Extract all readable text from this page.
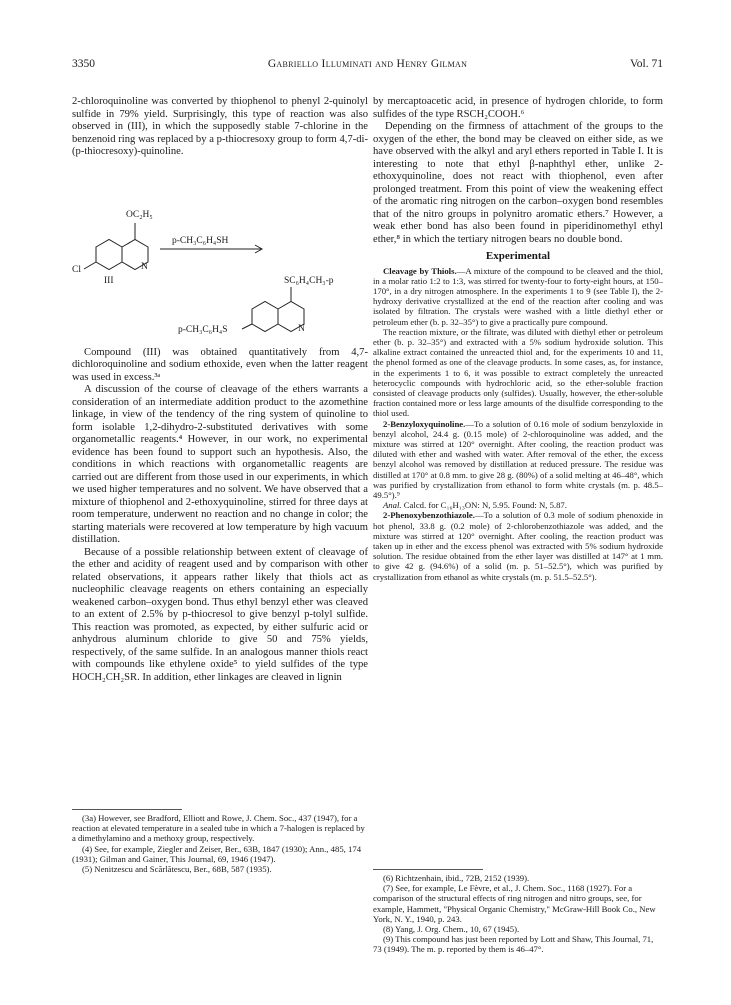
3350	Gabriello Illuminati and Henry Gilman	Vol. 71

2-chloroquinoline was converted by thiophenol to phenyl 2-quinolyl sulfide in 79% yield. Surprisingly, this type of reaction was also observed in (III), in which the supposedly stable 7-chlorine in the benzenoid ring was replaced by a p-thiocresoxy group to form 4,7-di-(p-thiocresoxy)-quinoline.

OC₂H₅
p-CH₃C₆H₄SH
Cl	N
III	SC₆H₄CH₃-p
p-CH₃C₆H₄S	N

Compound (III) was obtained quantitatively from 4,7-dichloroquinoline and sodium ethoxide, even when the latter reagent was used in excess.³ᵃ

A discussion of the course of cleavage of the ethers warrants a consideration of an intermediate addition product to the azomethine linkage, in view of the tendency of the ring system of quinoline to form isolable 1,2-dihydro-2-substituted derivatives with some organometallic reagents.⁴ However, in our work, no experimental evidence has been found to support such an hypothesis. Also, the conditions in which reactions with organometallic reagents are carried out are different from those used in our experiments, in which we used higher temperatures and no solvent. We have observed that a mixture of thiophenol and 2-ethoxyquinoline, stirred for three days at room temperature, underwent no reaction and no change in color; the starting materials were recovered at low temperature by high vacuum distillation.

Because of a possible relationship between extent of cleavage of the ether and acidity of reagent used and by comparison with other related observations, it appears rather likely that thiols act as nucleophilic cleavage reagents on ethers containing an especially weakened carbon–oxygen bond. Thus ethyl benzyl ether was cleaved to an extent of 2.5% by p-thiocresol to give benzyl p-tolyl sulfide. This reaction was promoted, as expected, by either sulfuric acid or anhydrous aluminum chloride to give 50 and 75% yields, respectively, of the same sulfide. In an analogous manner thiols react with compounds like ethylene oxide⁵ to yield sulfides of the type HOCH₂CH₂SR. In addition, ether linkages are cleaved in lignin

(3a) However, see Bradford, Elliott and Rowe, J. Chem. Soc., 437 (1947), for a reaction at elevated temperature in a sealed tube in which a 7-halogen is replaced by a dimethylamino and a methoxy group, respectively.

(4) See, for example, Ziegler and Zeiser, Ber., 63B, 1847 (1930); Ann., 485, 174 (1931); Gilman and Gainer, This Journal, 69, 1946 (1947).

(5) Nenitzescu and Scărlătescu, Ber., 68B, 587 (1935).

by mercaptoacetic acid, in presence of hydrogen chloride, to form sulfides of the type RSCH₂COOH.⁶

Depending on the firmness of attachment of the groups to the oxygen of the ether, the bond may be cleaved on either side, as we have observed with the alkyl and aryl ethers reported in Table I. It is interesting to note that ethyl β-naphthyl ether, unlike 2-ethoxyquinoline, does not react with thiophenol, even after prolonged treatment. From this point of view the weakening effect of the aromatic ring nitrogen on the carbon–oxygen bond resembles that of the nitro groups in polynitro aromatic ethers.⁷ However, a weak ether bond has also been found in piperidinomethyl ethyl ether,⁸ in which the tertiary nitrogen bears no double bond.

Experimental

Cleavage by Thiols.—A mixture of the compound to be cleaved and the thiol, in a molar ratio 1:2 to 1:3, was stirred for twenty-four to forty-eight hours, at 150–170°, in a dry nitrogen atmosphere. In the experiments 1 to 9 (see Table I), the 2-hydroxy derivative crystallized at the end of the reaction after cooling and was isolated by filtration. The crystals were washed with a little diethyl ether or petroleum ether (b. p. 32–35°) to give a practically pure compound.

The reaction mixture, or the filtrate, was diluted with diethyl ether or petroleum ether (b. p. 32–35°) and extracted with a 5% sodium hydroxide solution. This alkaline extract contained the unreacted thiol and, for the experiments 10 and 11, the phenol formed as one of the cleavage products. In some cases, as, for instance, in the experiments 1 to 6, it was possible to extract completely the unreacted heterocyclic compounds with hydrochloric acid, so the ether-soluble fraction consisted of cleavage products only (sulfides). Usually, however, the ether-soluble fraction contained more or less large amounts of the disulfide corresponding to the thiol used.

2-Benzyloxyquinoline.—To a solution of 0.16 mole of sodium benzyloxide in benzyl alcohol, 24.4 g. (0.15 mole) of 2-chloroquinoline was added, and the mixture was stirred at 120° overnight. After cooling, the reaction product was diluted with ether and washed with water. After removal of the ether, the excess benzyl alcohol was removed by distillation at reduced pressure. The residue was distilled at 170° at 0.8 mm. to give 28 g. (80%) of a solid melting at 46–48°, which was purified by crystallization from ethanol to form white crystals (m. p. 48.5–49.5°).⁹

Anal. Calcd. for C₁₆H₁₃ON: N, 5.95. Found: N, 5.87.

2-Phenoxybenzothiazole.—To a solution of 0.3 mole of sodium phenoxide in hot phenol, 33.8 g. (0.2 mole) of 2-chlorobenzothiazole was added, and the mixture was stirred at 120° overnight. After cooling, the reaction product was taken up in ether and the excess phenol was extracted with 5% sodium hydroxide solution. The residue obtained from the ether layer was distilled at 147° at 1 mm. to give 42 g. (94.6%) of a solid (m. p. 51–52.5°), which was purified by crystallization from ethanol as white crystals (m. p. 51.5–52.5°).

(6) Richtzenhain, ibid., 72B, 2152 (1939).

(7) See, for example, Le Fèvre, et al., J. Chem. Soc., 1168 (1927). For a comparison of the structural effects of ring nitrogen and nitro groups, see, for example, Hammett, "Physical Organic Chemistry," McGraw-Hill Book Co., New York, N. Y., 1940, p. 243.

(8) Yang, J. Org. Chem., 10, 67 (1945).

(9) This compound has just been reported by Lott and Shaw, This Journal, 71, 73 (1949). The m. p. reported by them is 46–47°.
